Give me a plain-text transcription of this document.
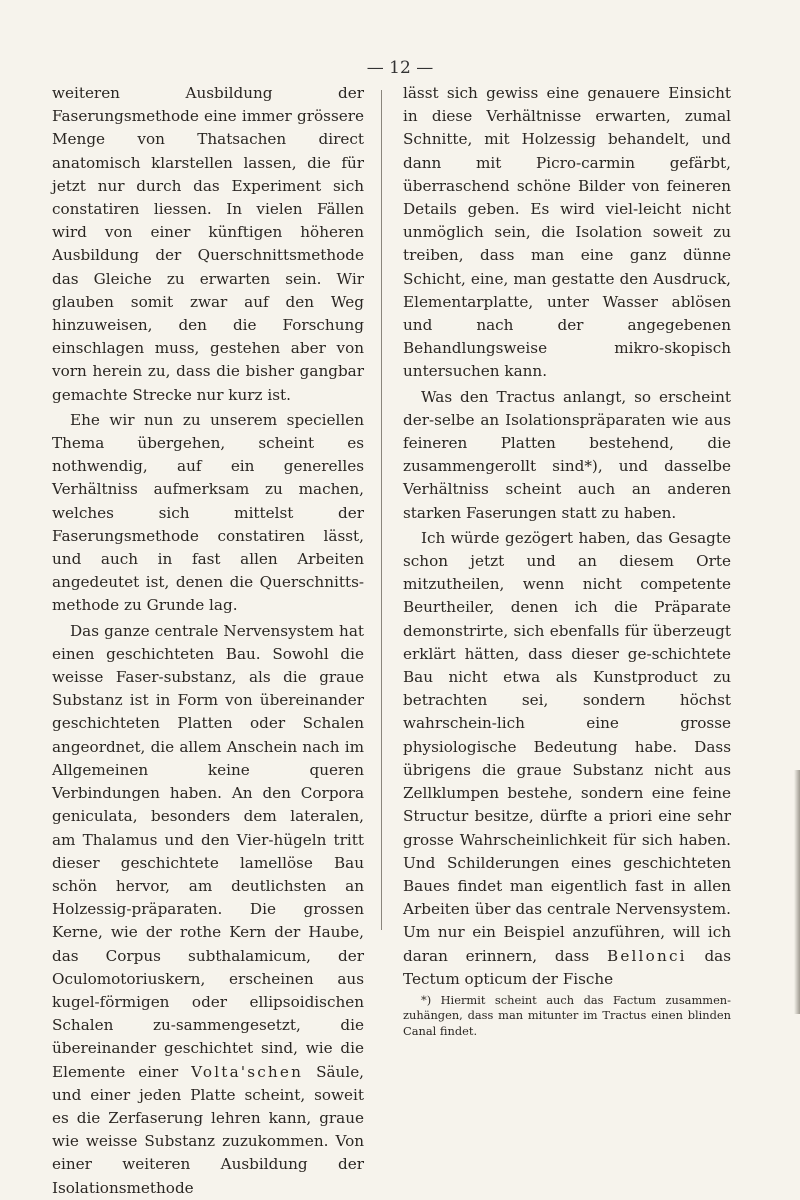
— 12 —

weiteren Ausbildung der Faserungsmethode eine immer grössere Menge von Thatsachen direct anatomisch klarstellen lassen, die für jetzt nur durch das Experiment sich constatiren liessen. In vielen Fällen wird von einer künftigen höheren Ausbildung der Querschnittsmethode das Gleiche zu erwarten sein. Wir glauben somit zwar auf den Weg hinzuweisen, den die Forschung einschlagen muss, gestehen aber von vorn herein zu, dass die bisher gangbar gemachte Strecke nur kurz ist.

Ehe wir nun zu unserem speciellen Thema übergehen, scheint es nothwendig, auf ein generelles Verhältniss aufmerksam zu machen, welches sich mittelst der Faserungsmethode constatiren lässt, und auch in fast allen Arbeiten angedeutet ist, denen die Querschnitts-methode zu Grunde lag.

Das ganze centrale Nervensystem hat einen geschichteten Bau. Sowohl die weisse Faser-substanz, als die graue Substanz ist in Form von übereinander geschichteten Platten oder Schalen angeordnet, die allem Anschein nach im Allgemeinen keine queren Verbindungen haben. An den Corpora geniculata, besonders dem lateralen, am Thalamus und den Vier-hügeln tritt dieser geschichtete lamellöse Bau schön hervor, am deutlichsten an Holzessig-präparaten. Die grossen Kerne, wie der rothe Kern der Haube, das Corpus subthalamicum, der Oculomotoriuskern, erscheinen aus kugel-förmigen oder ellipsoidischen Schalen zu-sammengesetzt, die übereinander geschichtet sind, wie die Elemente einer Volta'schen Säule, und einer jeden Platte scheint, soweit es die Zerfaserung lehren kann, graue wie weisse Substanz zuzukommen. Von einer weiteren Ausbildung der Isolationsmethode

lässt sich gewiss eine genauere Einsicht in diese Verhältnisse erwarten, zumal Schnitte, mit Holzessig behandelt, und dann mit Picro-carmin gefärbt, überraschend schöne Bilder von feineren Details geben. Es wird viel-leicht nicht unmöglich sein, die Isolation soweit zu treiben, dass man eine ganz dünne Schicht, eine, man gestatte den Ausdruck, Elementarplatte, unter Wasser ablösen und nach der angegebenen Behandlungsweise mikro-skopisch untersuchen kann.

Was den Tractus anlangt, so erscheint der-selbe an Isolationspräparaten wie aus feineren Platten bestehend, die zusammengerollt sind*), und dasselbe Verhältniss scheint auch an anderen starken Faserungen statt zu haben.

Ich würde gezögert haben, das Gesagte schon jetzt und an diesem Orte mitzutheilen, wenn nicht competente Beurtheiler, denen ich die Präparate demonstrirte, sich ebenfalls für überzeugt erklärt hätten, dass dieser ge-schichtete Bau nicht etwa als Kunstproduct zu betrachten sei, sondern höchst wahrschein-lich eine grosse physiologische Bedeutung habe. Dass übrigens die graue Substanz nicht aus Zellklumpen bestehe, sondern eine feine Structur besitze, dürfte a priori eine sehr grosse Wahrscheinlichkeit für sich haben. Und Schilderungen eines geschichteten Baues findet man eigentlich fast in allen Arbeiten über das centrale Nervensystem. Um nur ein Beispiel anzuführen, will ich daran erinnern, dass Bellonci das Tectum opticum der Fische

*) Hiermit scheint auch das Factum zusammen-zuhängen, dass man mitunter im Tractus einen blinden Canal findet.
